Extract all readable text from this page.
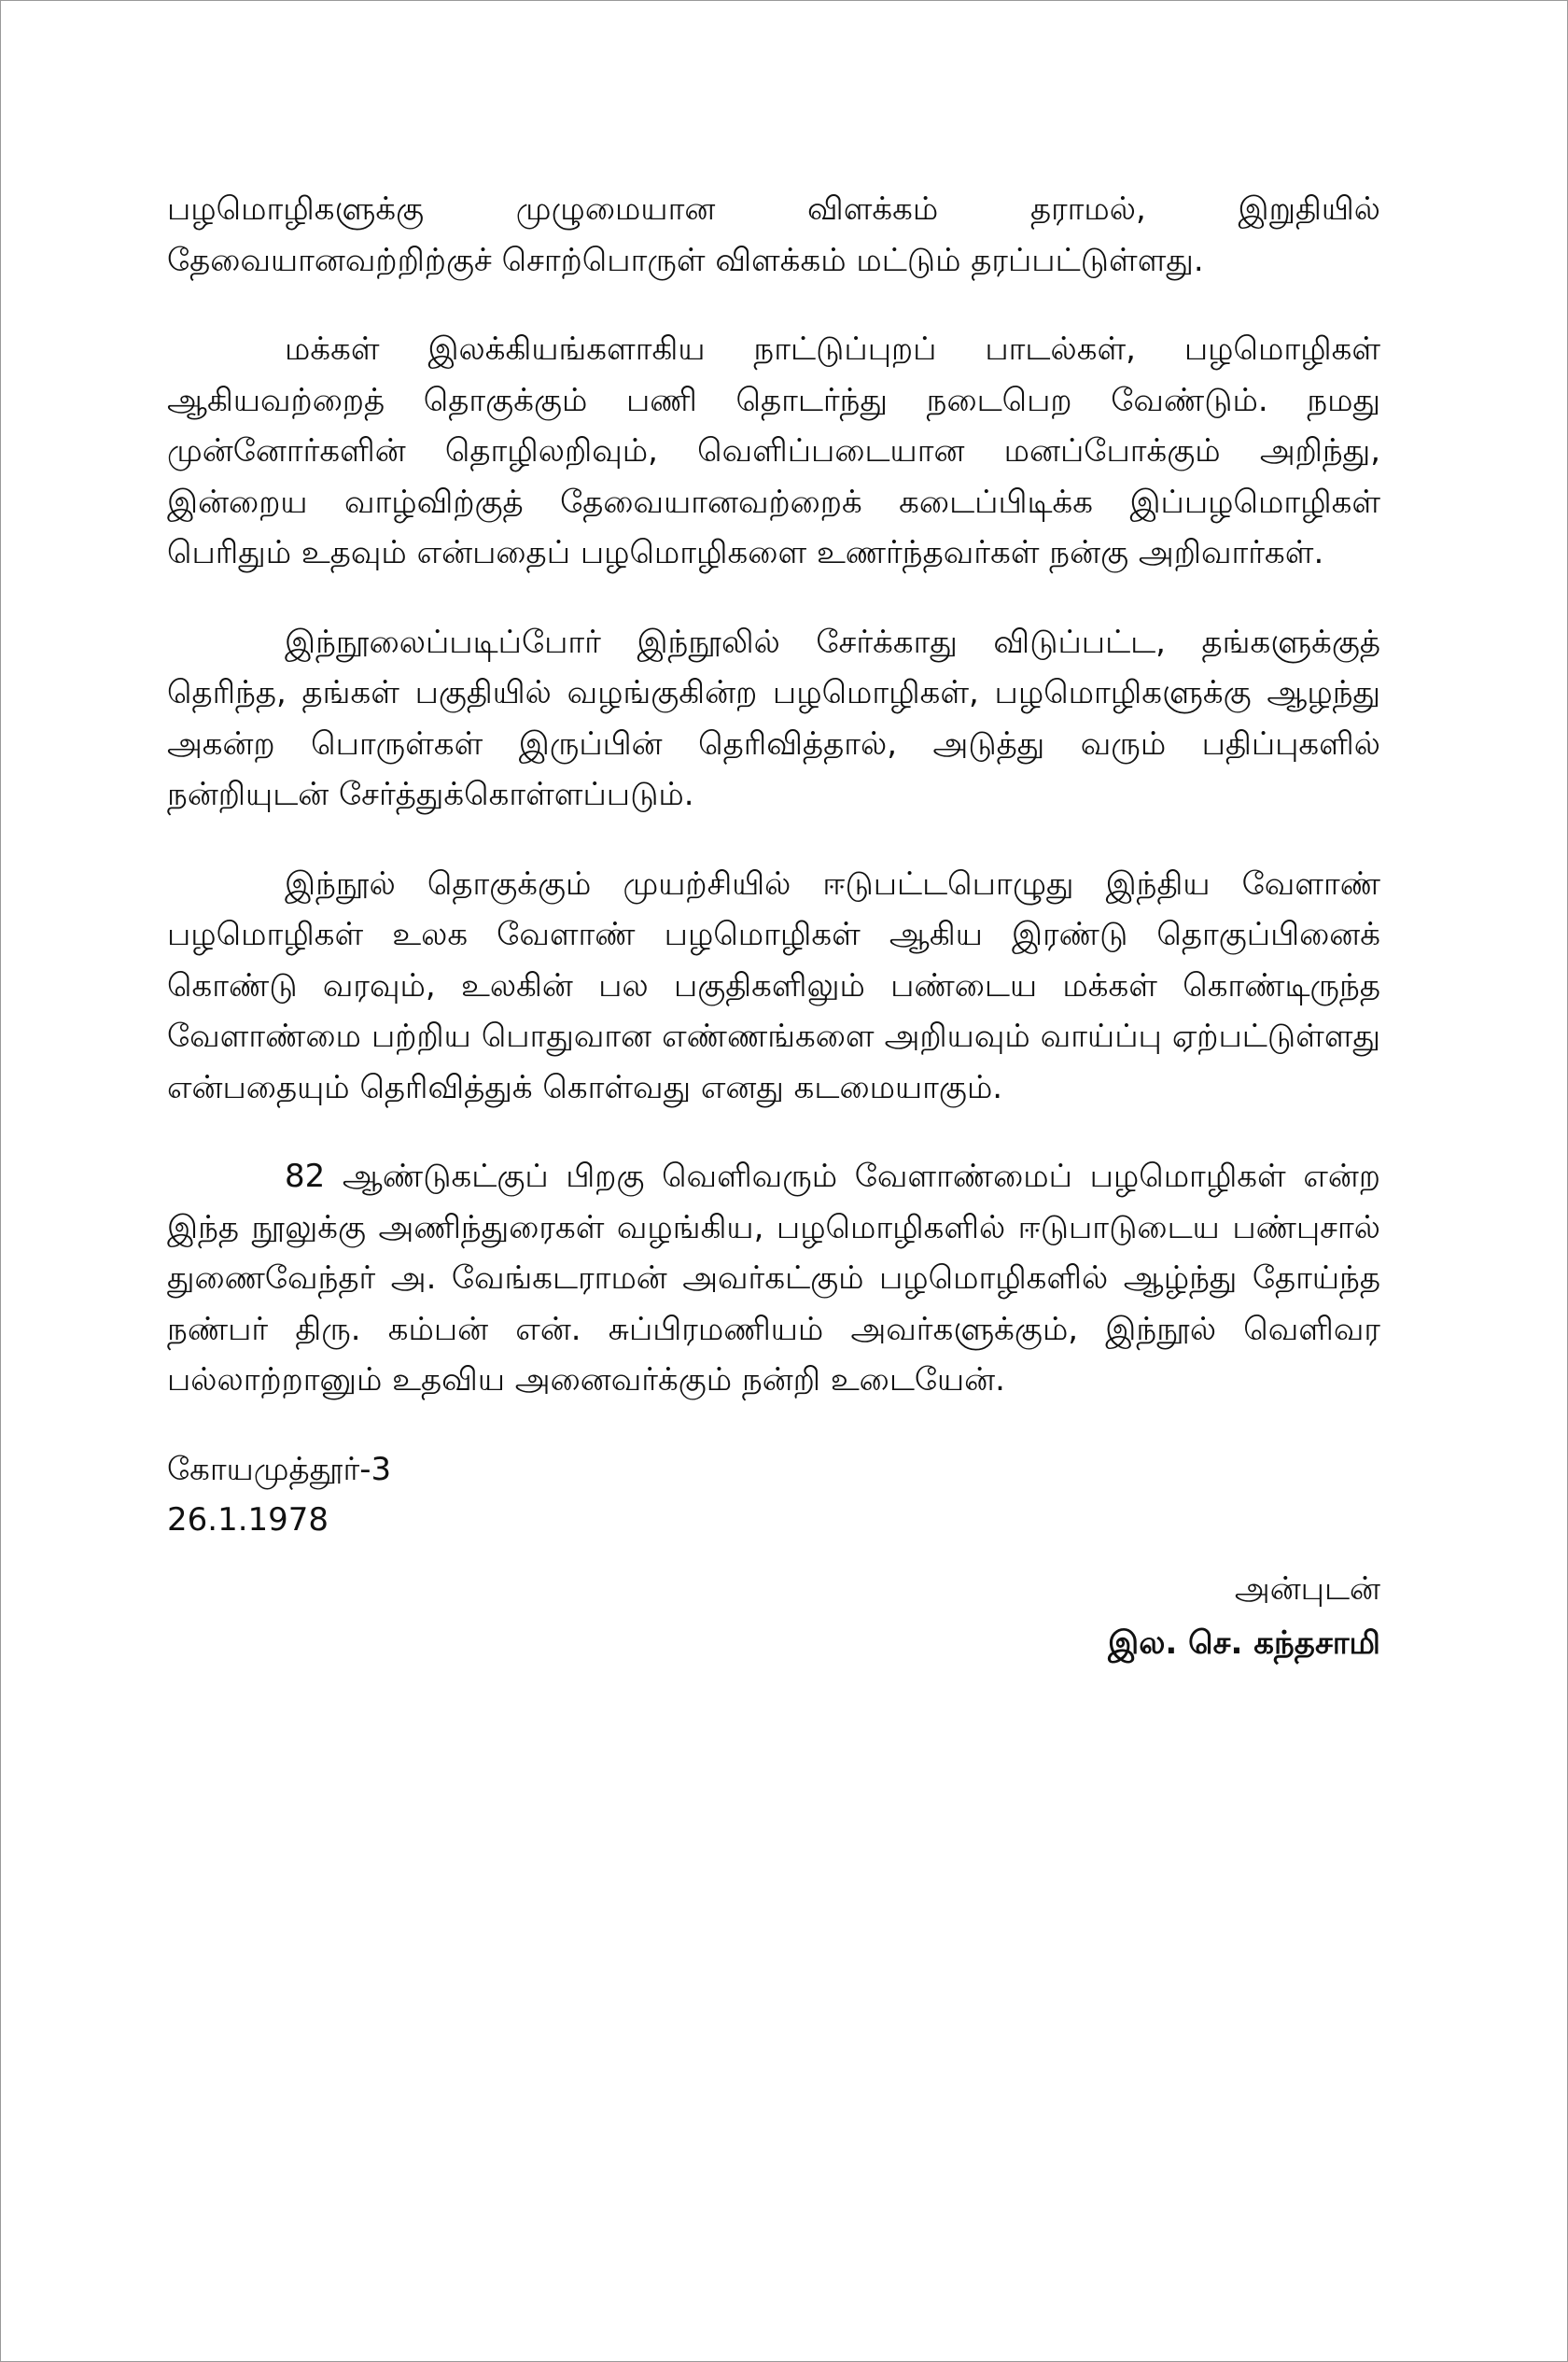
பழமொழிகளுக்கு முழுமையான விளக்கம் தராமல், இறுதியில் தேவையானவற்றிற்குச் சொற்பொருள் விளக்கம் மட்டும் தரப்பட்டுள்ளது.

மக்கள் இலக்கியங்களாகிய நாட்டுப்புறப் பாடல்கள், பழமொழிகள் ஆகியவற்றைத் தொகுக்கும் பணி தொடர்ந்து நடைபெற வேண்டும். நமது முன்னோர்களின் தொழிலறிவும், வெளிப்படையான மனப்போக்கும் அறிந்து, இன்றைய வாழ்விற்குத் தேவையானவற்றைக் கடைப்பிடிக்க இப்பழமொழிகள் பெரிதும் உதவும் என்பதைப் பழமொழிகளை உணர்ந்தவர்கள் நன்கு அறிவார்கள்.

இந்நூலைப்படிப்போர் இந்நூலில் சேர்க்காது விடுப்பட்ட, தங்களுக்குத் தெரிந்த, தங்கள் பகுதியில் வழங்குகின்ற பழமொழிகள், பழமொழிகளுக்கு ஆழந்து அகன்ற பொருள்கள் இருப்பின் தெரிவித்தால், அடுத்து வரும் பதிப்புகளில் நன்றியுடன் சேர்த்துக்கொள்ளப்படும்.

இந்நூல் தொகுக்கும் முயற்சியில் ஈடுபட்டபொழுது இந்திய வேளாண் பழமொழிகள் உலக வேளாண் பழமொழிகள் ஆகிய இரண்டு தொகுப்பினைக் கொண்டு வரவும், உலகின் பல பகுதிகளிலும் பண்டைய மக்கள் கொண்டிருந்த வேளாண்மை பற்றிய பொதுவான எண்ணங்களை அறியவும் வாய்ப்பு ஏற்பட்டுள்ளது என்பதையும் தெரிவித்துக் கொள்வது எனது கடமையாகும்.

82 ஆண்டுகட்குப் பிறகு வெளிவரும் வேளாண்மைப் பழமொழிகள் என்ற இந்த நூலுக்கு அணிந்துரைகள் வழங்கிய, பழமொழிகளில் ஈடுபாடுடைய பண்புசால் துணைவேந்தர் அ. வேங்கடராமன் அவர்கட்கும் பழமொழிகளில் ஆழ்ந்து தோய்ந்த நண்பர் திரு. கம்பன் என். சுப்பிரமணியம் அவர்களுக்கும், இந்நூல் வெளிவர பல்லாற்றானும் உதவிய அனைவர்க்கும் நன்றி உடையேன்.

கோயமுத்தூர்-3
26.1.1978
அன்புடன்
இல. செ. கந்தசாமி
